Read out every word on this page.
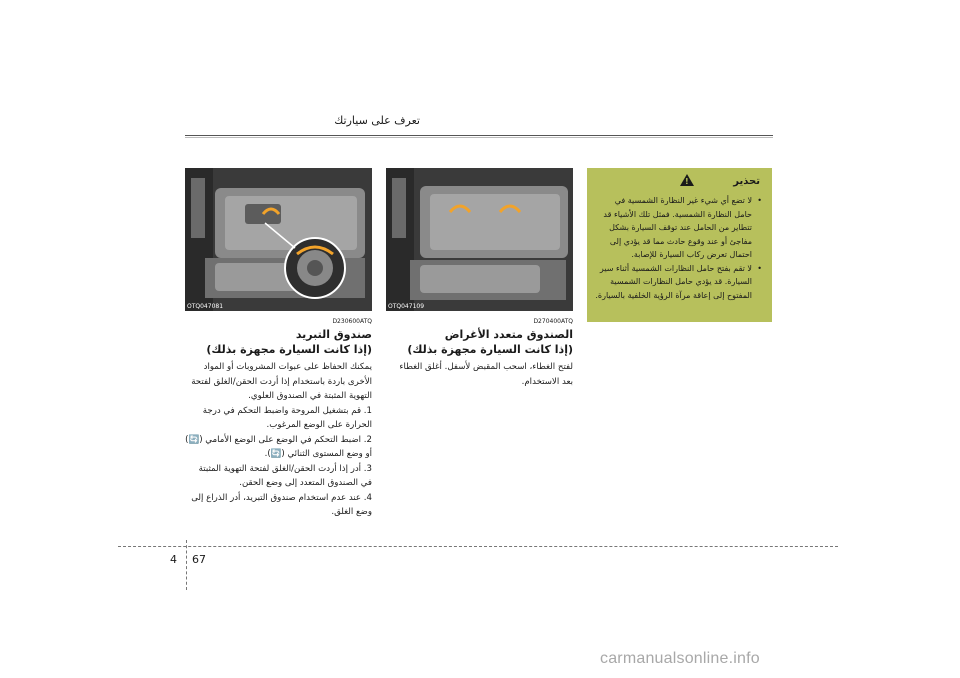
تعرف على سيارتك
OTQ047081	OTQ047109
D230600ATQ
صندوق التبريد
(إذا كانت السيارة مجهزة بذلك)

يمكنك الحفاظ على عبوات المشروبات أو المواد الأخرى باردة باستخدام إذا أردت الحقن/الغلق لفتحة التهوية المثبتة في الصندوق العلوي.

1. قم بتشغيل المروحة واضبط التحكم في درجة الحرارة على الوضع المرغوب.
2. اضبط التحكم في الوضع على الوضع الأمامي (🔄) أو وضع المستوى الثنائي (🔄).
3. أدر إذا أردت الحقن/الغلق لفتحة التهوية المثبتة في الصندوق المتعدد إلى وضع الحقن.
4. عند عدم استخدام صندوق التبريد، أدر الذراع إلى وضع الغلق.
D270400ATQ
الصندوق متعدد الأغراض
(إذا كانت السيارة مجهزة بذلك)
لفتح الغطاء، اسحب المقبض لأسفل. أغلق الغطاء بعد الاستخدام.
!	تحذير
• لا تضع أي شيء غير النظارة الشمسية في حامل النظارة الشمسية. فمثل تلك الأشياء قد تتطاير من الحامل عند توقف السيارة بشكل مفاجئ أو عند وقوع حادث مما قد يؤدي إلى احتمال تعرض ركاب السيارة للإصابة.
• لا تقم بفتح حامل النظارات الشمسية أثناء سير السيارة. قد يؤدي حامل النظارات الشمسية المفتوح إلى إعاقة مرآة الرؤية الخلفية بالسيارة.
4 67
carmanualsonline.info
